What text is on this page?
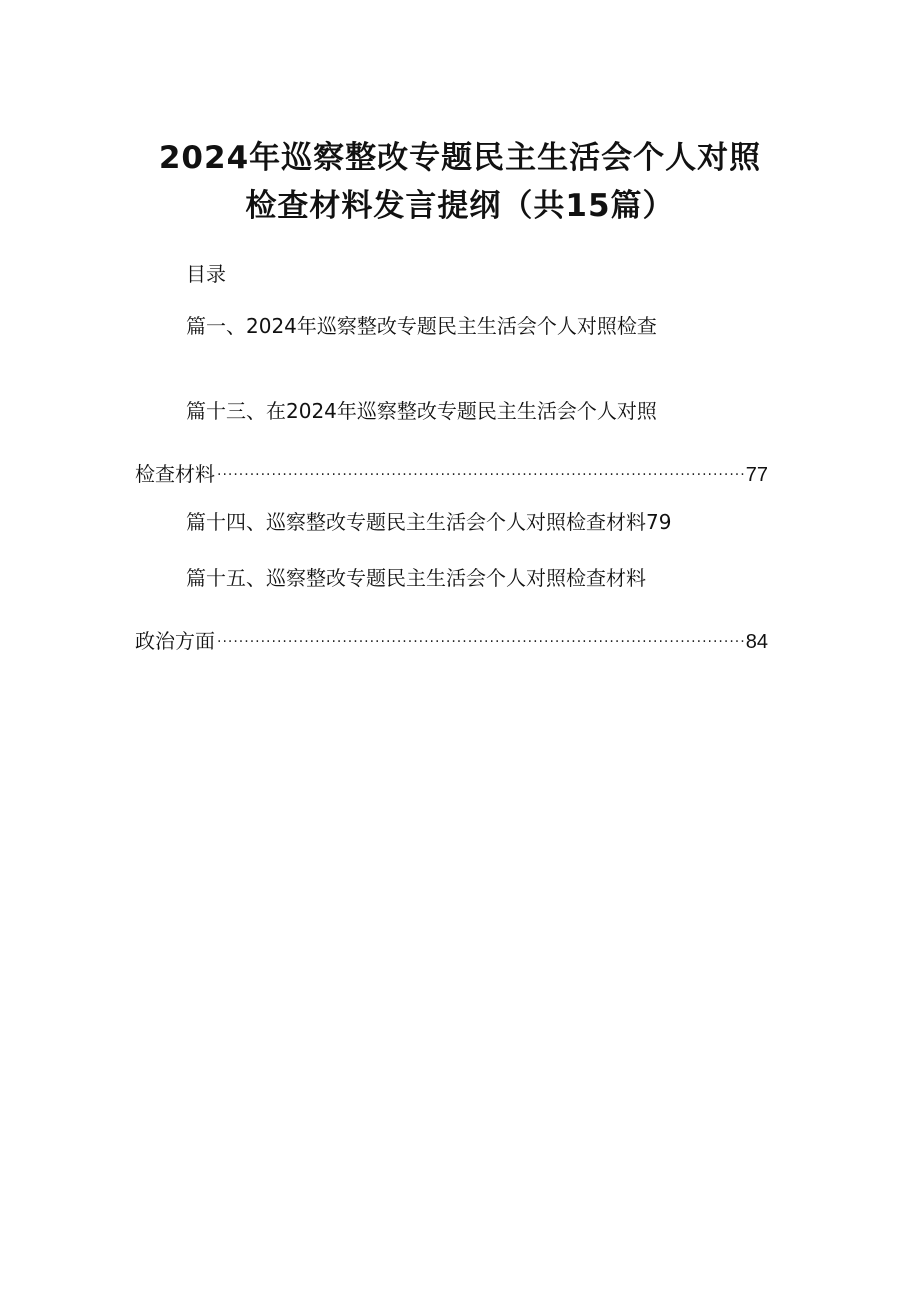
2024年巡察整改专题民主生活会个人对照
检查材料发言提纲（共15篇）
目录
篇一、2024年巡察整改专题民主生活会个人对照检查
篇十三、在2024年巡察整改专题民主生活会个人对照
检查材料 .....	77
篇十四、巡察整改专题民主生活会个人对照检查材料79
篇十五、巡察整改专题民主生活会个人对照检查材料
政治方面 .....	84
